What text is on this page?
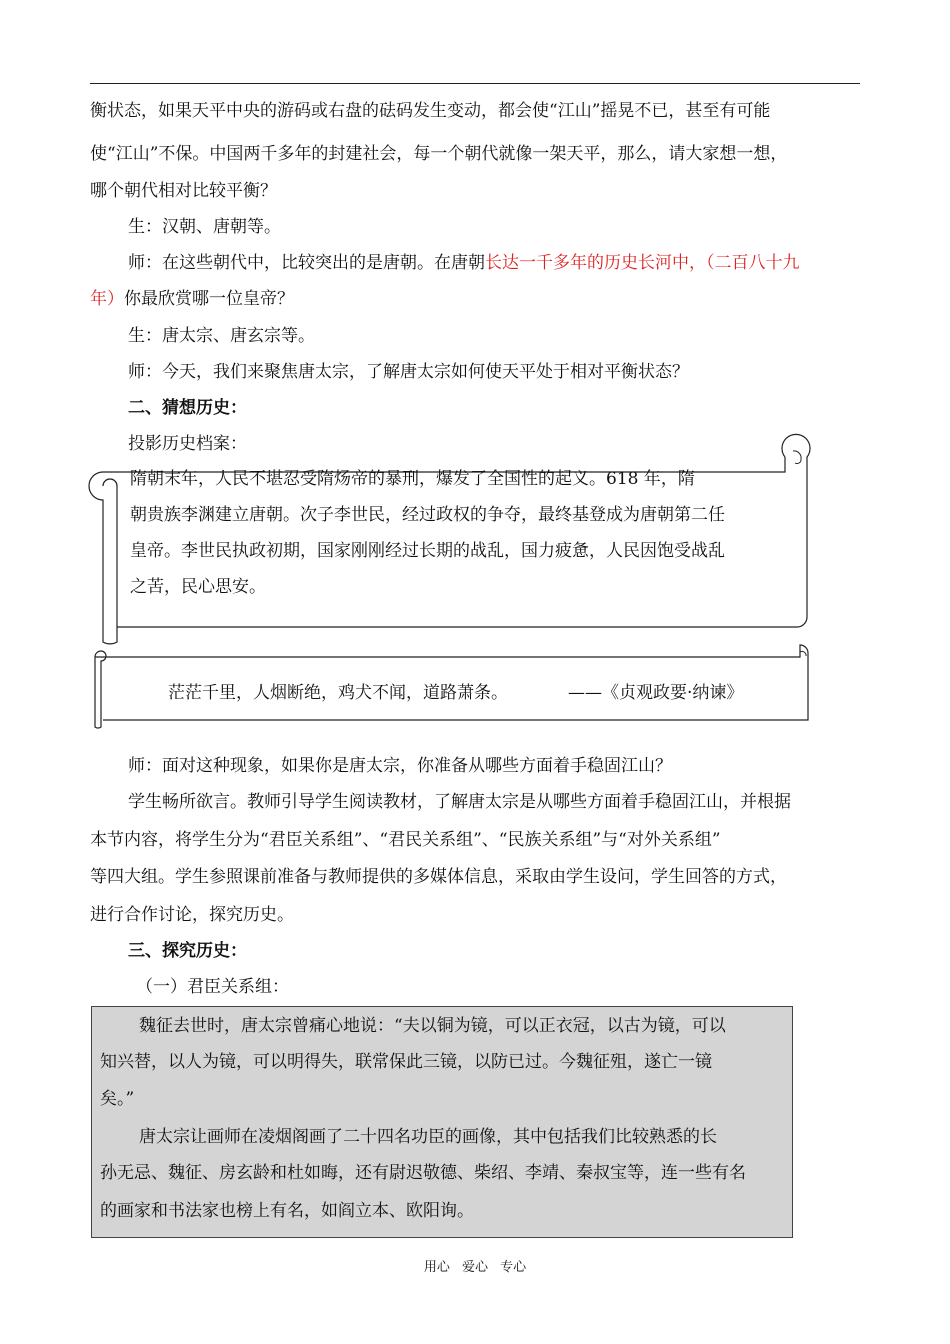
衡状态，如果天平中央的游码或右盘的砝码发生变动，都会使“江山”摇晃不已，甚至有可能
使“江山”不保。中国两千多年的封建社会，每一个朝代就像一架天平，那么，请大家想一想，
哪个朝代相对比较平衡？
生：汉朝、唐朝等。
师：在这些朝代中，比较突出的是唐朝。在唐朝长达一千多年的历史长河中，（二百八十九
年）你最欣赏哪一位皇帝？
生：唐太宗、唐玄宗等。
师：今天，我们来聚焦唐太宗，了解唐太宗如何使天平处于相对平衡状态？
二、猜想历史：
投影历史档案：
隋朝末年，人民不堪忍受隋炀帝的暴刑，爆发了全国性的起义。618 年，隋
朝贵族李渊建立唐朝。次子李世民，经过政权的争夺，最终基登成为唐朝第二任
皇帝。李世民执政初期，国家刚刚经过长期的战乱，国力疲惫，人民因饱受战乱
之苦，民心思安。
茫茫千里，人烟断绝，鸡犬不闻，道路萧条。	——《贞观政要·纳谏》
师：面对这种现象，如果你是唐太宗，你准备从哪些方面着手稳固江山？
学生畅所欲言。教师引导学生阅读教材，了解唐太宗是从哪些方面着手稳固江山，并根据
本节内容，将学生分为“君臣关系组”、“君民关系组”、“民族关系组”与“对外关系组”
等四大组。学生参照课前准备与教师提供的多媒体信息，采取由学生设问，学生回答的方式，
进行合作讨论，探究历史。
三、探究历史：
（一）君臣关系组：
魏征去世时，唐太宗曾痛心地说：“夫以铜为镜，可以正衣冠，以古为镜，可以
知兴替，以人为镜，可以明得失，联常保此三镜，以防已过。今魏征殂，遂亡一镜
矣。”
唐太宗让画师在凌烟阁画了二十四名功臣的画像，其中包括我们比较熟悉的长
孙无忌、魏征、房玄龄和杜如晦，还有尉迟敬德、柴绍、李靖、秦叔宝等，连一些有名
的画家和书法家也榜上有名，如阎立本、欧阳询。
用心 爱心 专心
